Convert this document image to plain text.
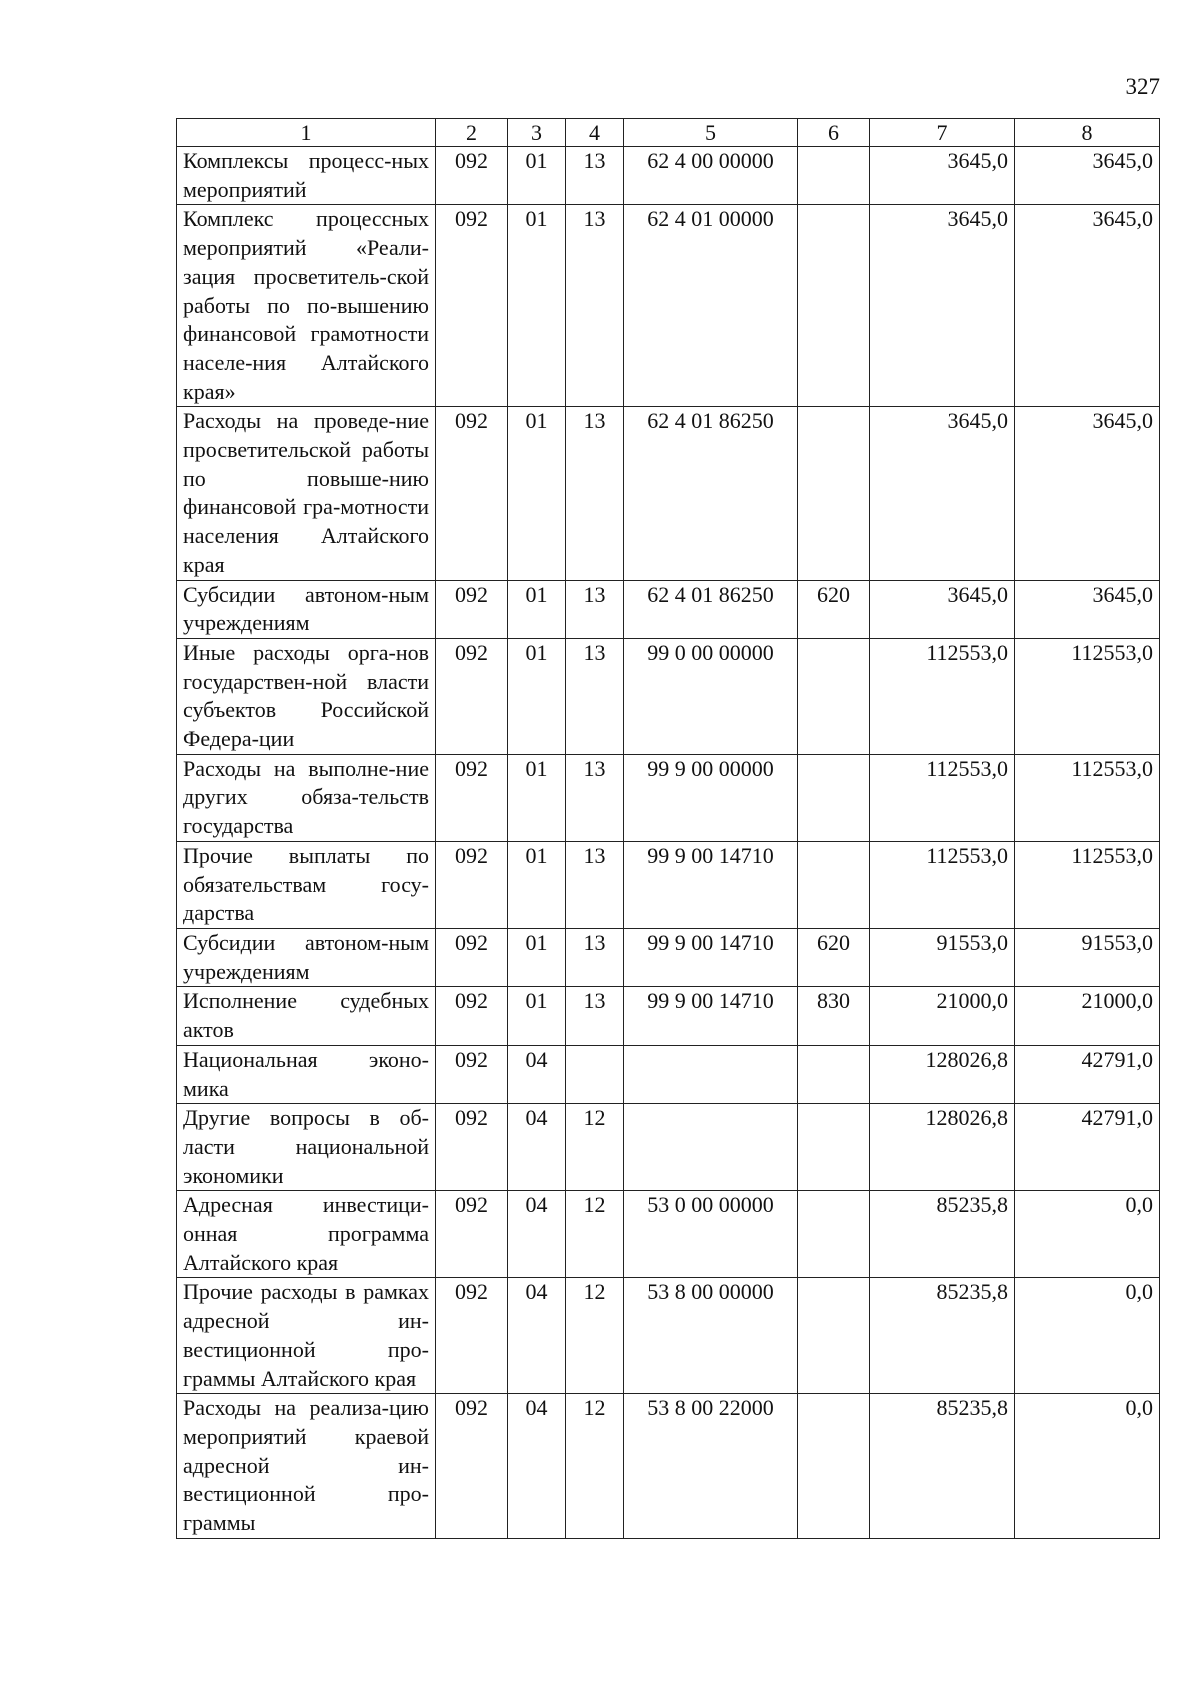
327
1	2	3	4	5	6	7	8
Комплексы процесс-ных мероприятий	092	01	13	62 4 00 00000		3645,0	3645,0
Комплекс процессных мероприятий «Реали-зация просветитель-ской работы по по-вышению финансовой грамотности населе-ния Алтайского края»	092	01	13	62 4 01 00000		3645,0	3645,0
Расходы на проведе-ние просветительской работы по повыше-нию финансовой гра-мотности населения Алтайского края	092	01	13	62 4 01 86250		3645,0	3645,0
Субсидии автоном-ным учреждениям	092	01	13	62 4 01 86250	620	3645,0	3645,0
Иные расходы орга-нов государствен-ной власти субъектов Российской Федера-ции	092	01	13	99 0 00 00000		112553,0	112553,0
Расходы на выполне-ние других обяза-тельств государства	092	01	13	99 9 00 00000		112553,0	112553,0
Прочие выплаты по обязательствам госу-дарства	092	01	13	99 9 00 14710		112553,0	112553,0
Субсидии автоном-ным учреждениям	092	01	13	99 9 00 14710	620	91553,0	91553,0
Исполнение судебных актов	092	01	13	99 9 00 14710	830	21000,0	21000,0
Национальная эконо-мика	092	04				128026,8	42791,0
Другие вопросы в об-ласти национальной экономики	092	04	12			128026,8	42791,0
Адресная инвестици-онная программа Алтайского края	092	04	12	53 0 00 00000		85235,8	0,0
Прочие расходы в рамках адресной ин-вестиционной про-граммы Алтайского края	092	04	12	53 8 00 00000		85235,8	0,0
Расходы на реализа-цию мероприятий краевой адресной ин-вестиционной про-граммы	092	04	12	53 8 00 22000		85235,8	0,0
